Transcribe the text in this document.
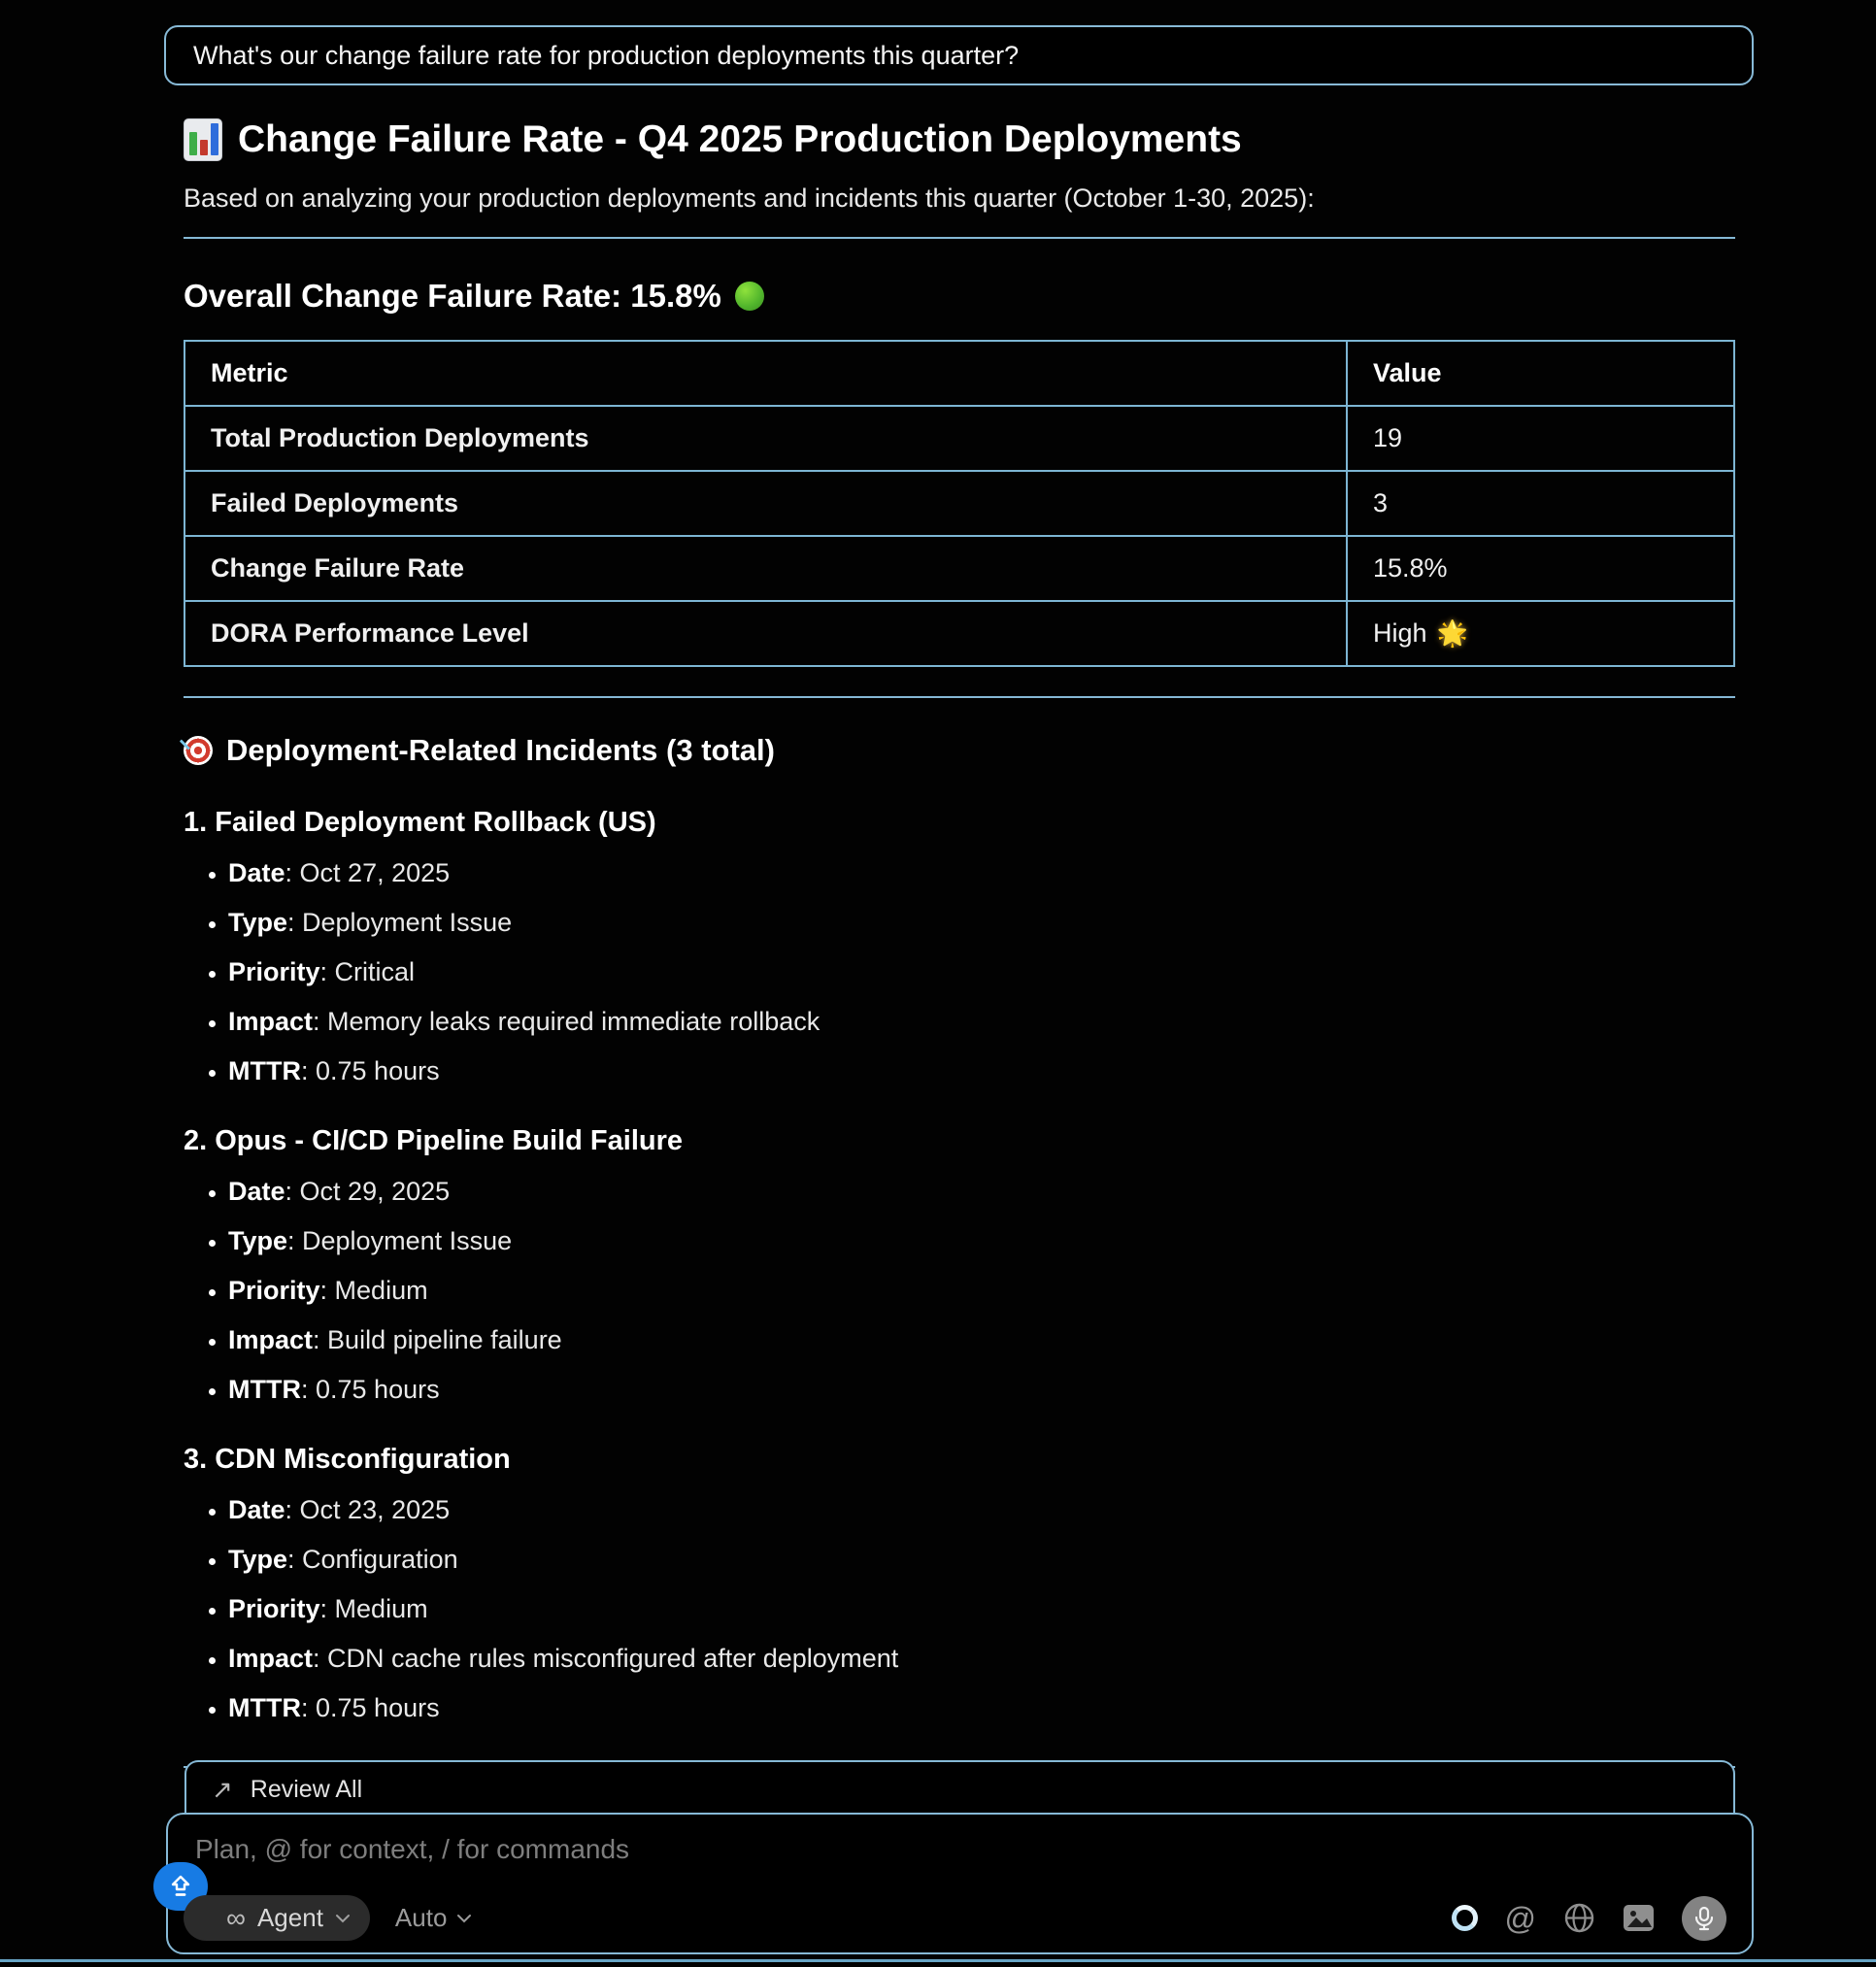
What's our change failure rate for production deployments this quarter?
Change Failure Rate - Q4 2025 Production Deployments
Based on analyzing your production deployments and incidents this quarter (October 1-30, 2025):
Overall Change Failure Rate: 15.8%
Metric	Value
Total Production Deployments	19
Failed Deployments	3
Change Failure Rate	15.8%
DORA Performance Level	High 🌟
Deployment-Related Incidents (3 total)
1. Failed Deployment Rollback (US)
• Date : Oct 27, 2025
• Type : Deployment Issue
• Priority : Critical
• Impact : Memory leaks required immediate rollback
• MTTR : 0.75 hours
2. Opus - CI/CD Pipeline Build Failure
• Date : Oct 29, 2025
• Type : Deployment Issue
• Priority : Medium
• Impact : Build pipeline failure
• MTTR : 0.75 hours
3. CDN Misconfiguration
• Date : Oct 23, 2025
• Type : Configuration
• Priority : Medium
• Impact : CDN cache rules misconfigured after deployment
• MTTR : 0.75 hours
↗ Review All
Plan, @ for context, / for commands
∞ Agent	Auto	@
